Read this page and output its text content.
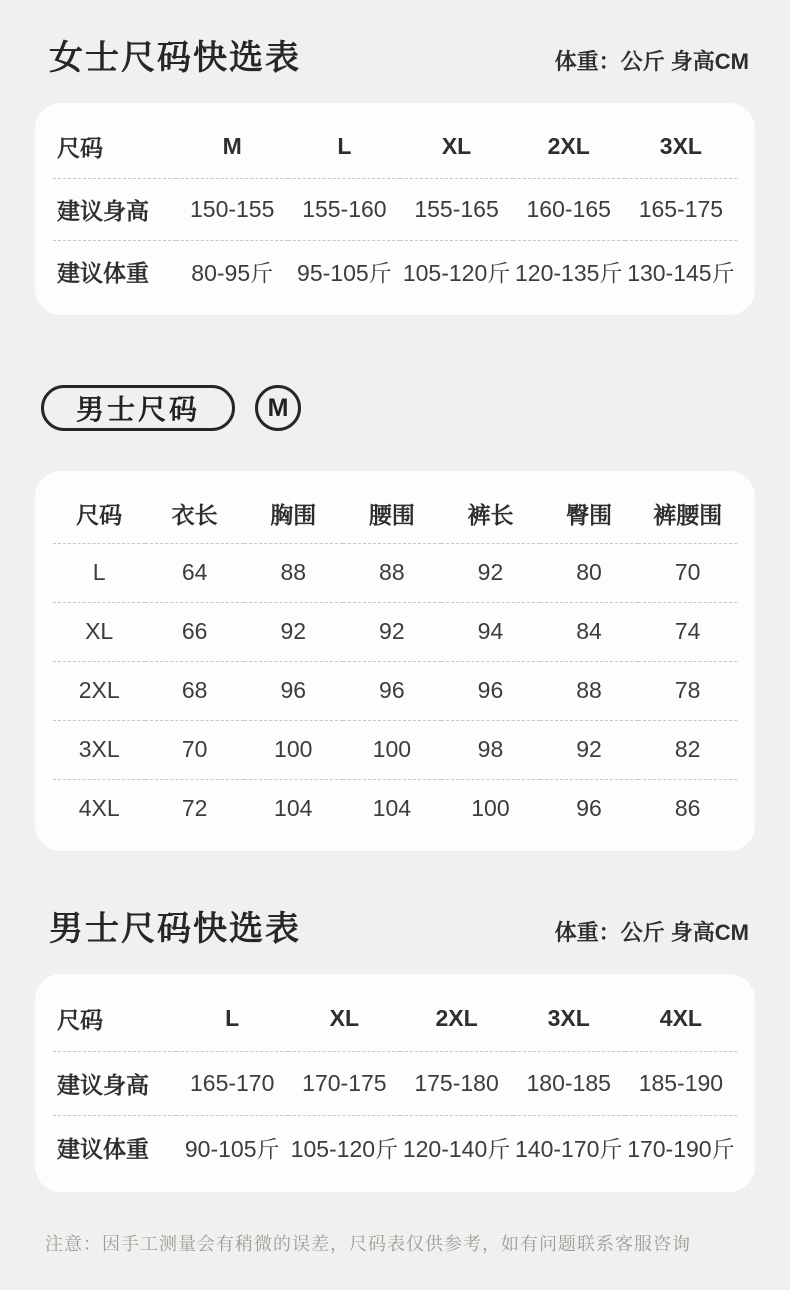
女士尺码快选表	体重：公斤 身高CM
尺码	M	L	XL	2XL	3XL
建议身高	150-155	155-160	155-165	160-165	165-175
建议体重	80-95斤	95-105斤	105-120斤	120-135斤	130-145斤
男士尺码	M
尺码	衣长	胸围	腰围	裤长	臀围	裤腰围
L	64	88	88	92	80	70
XL	66	92	92	94	84	74
2XL	68	96	96	96	88	78
3XL	70	100	100	98	92	82
4XL	72	104	104	100	96	86
男士尺码快选表	体重：公斤 身高CM
尺码	L	XL	2XL	3XL	4XL
建议身高	165-170	170-175	175-180	180-185	185-190
建议体重	90-105斤	105-120斤	120-140斤	140-170斤	170-190斤
注意：因手工测量会有稍微的误差，尺码表仅供参考，如有问题联系客服咨询
